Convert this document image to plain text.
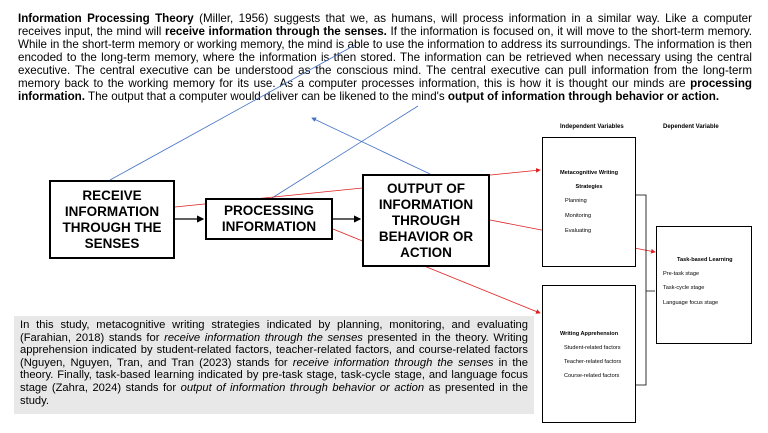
Information Processing Theory (Miller, 1956) suggests that we, as humans, will process information in a similar way. Like a computer receives input, the mind will receive information through the senses. If the information is focused on, it will move to the short-term memory. While in the short-term memory or working memory, the mind is able to use the information to address its surroundings. The information is then encoded to the long-term memory, where the information is then stored. The information can be retrieved when necessary using the central executive. The central executive can be understood as the conscious mind. The central executive can pull information from the long-term memory back to the working memory for its use. As a computer processes information, this is how it is thought our minds are processing information. The output that a computer would deliver can be likened to the mind's output of information through behavior or action.

RECEIVE INFORMATION THROUGH THE SENSES
PROCESSING INFORMATION
OUTPUT OF INFORMATION THROUGH BEHAVIOR OR ACTION

In this study, metacognitive writing strategies indicated by planning, monitoring, and evaluating (Farahian, 2018) stands for receive information through the senses presented in the theory. Writing apprehension indicated by student-related factors, teacher-related factors, and course-related factors (Nguyen, Nguyen, Tran, and Tran (2023) stands for receive information through the senses in the theory. Finally, task-based learning indicated by pre-task stage, task-cycle stage, and language focus stage (Zahra, 2024) stands for output of information through behavior or action as presented in the study.

Independent Variables	Dependent Variable
Metacognitive Writing
Strategies
Planning
Monitoring
Evaluating
Writing Apprehension
Student-related factors
Teacher-related factors
Course-related factors
Task-based Learning
Pre-task stage
Task-cycle stage
Language focus stage
